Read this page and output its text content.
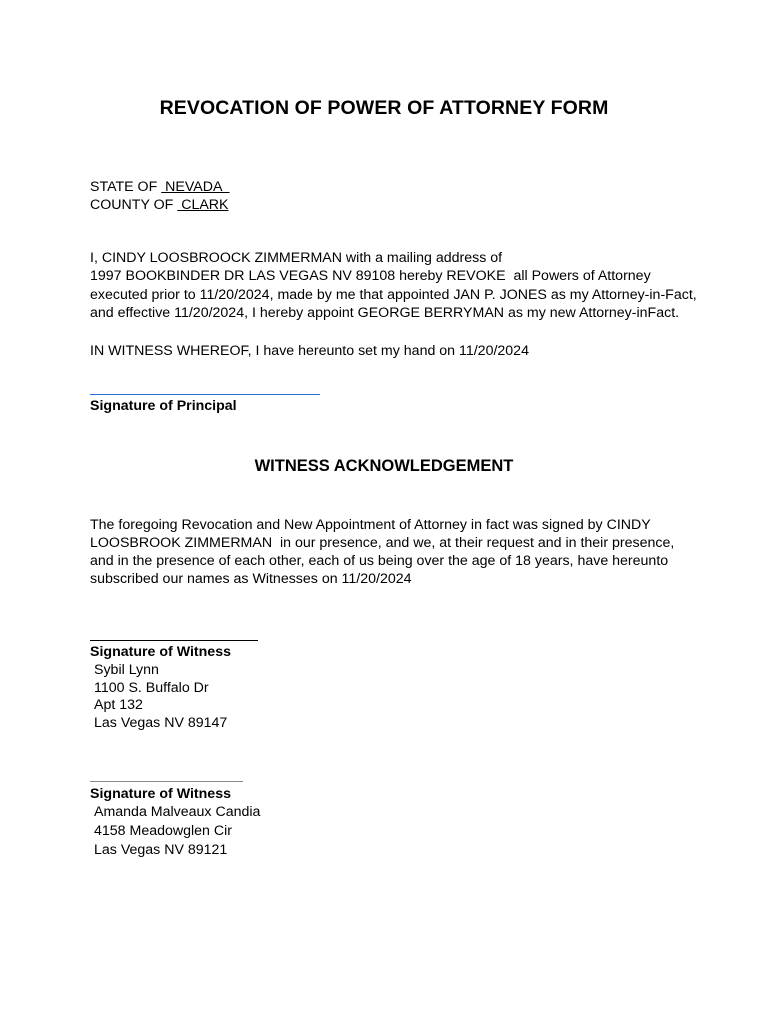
REVOCATION OF POWER OF ATTORNEY FORM
STATE OF  NEVADA
COUNTY OF  CLARK
I, CINDY LOOSBROOCK ZIMMERMAN with a mailing address of
1997 BOOKBINDER DR LAS VEGAS NV 89108 hereby REVOKE  all Powers of Attorney
executed prior to 11/20/2024, made by me that appointed JAN P. JONES as my Attorney-in-Fact,
and effective 11/20/2024, I hereby appoint GEORGE BERRYMAN as my new Attorney-inFact.
IN WITNESS WHEREOF, I have hereunto set my hand on 11/20/2024
Signature of Principal
WITNESS ACKNOWLEDGEMENT
The foregoing Revocation and New Appointment of Attorney in fact was signed by CINDY
LOOSBROOK ZIMMERMAN  in our presence, and we, at their request and in their presence,
and in the presence of each other, each of us being over the age of 18 years, have hereunto
subscribed our names as Witnesses on 11/20/2024
Signature of Witness
Sybil Lynn
1100 S. Buffalo Dr
Apt 132
Las Vegas NV 89147
Signature of Witness
Amanda Malveaux Candia
4158 Meadowglen Cir
Las Vegas NV 89121
